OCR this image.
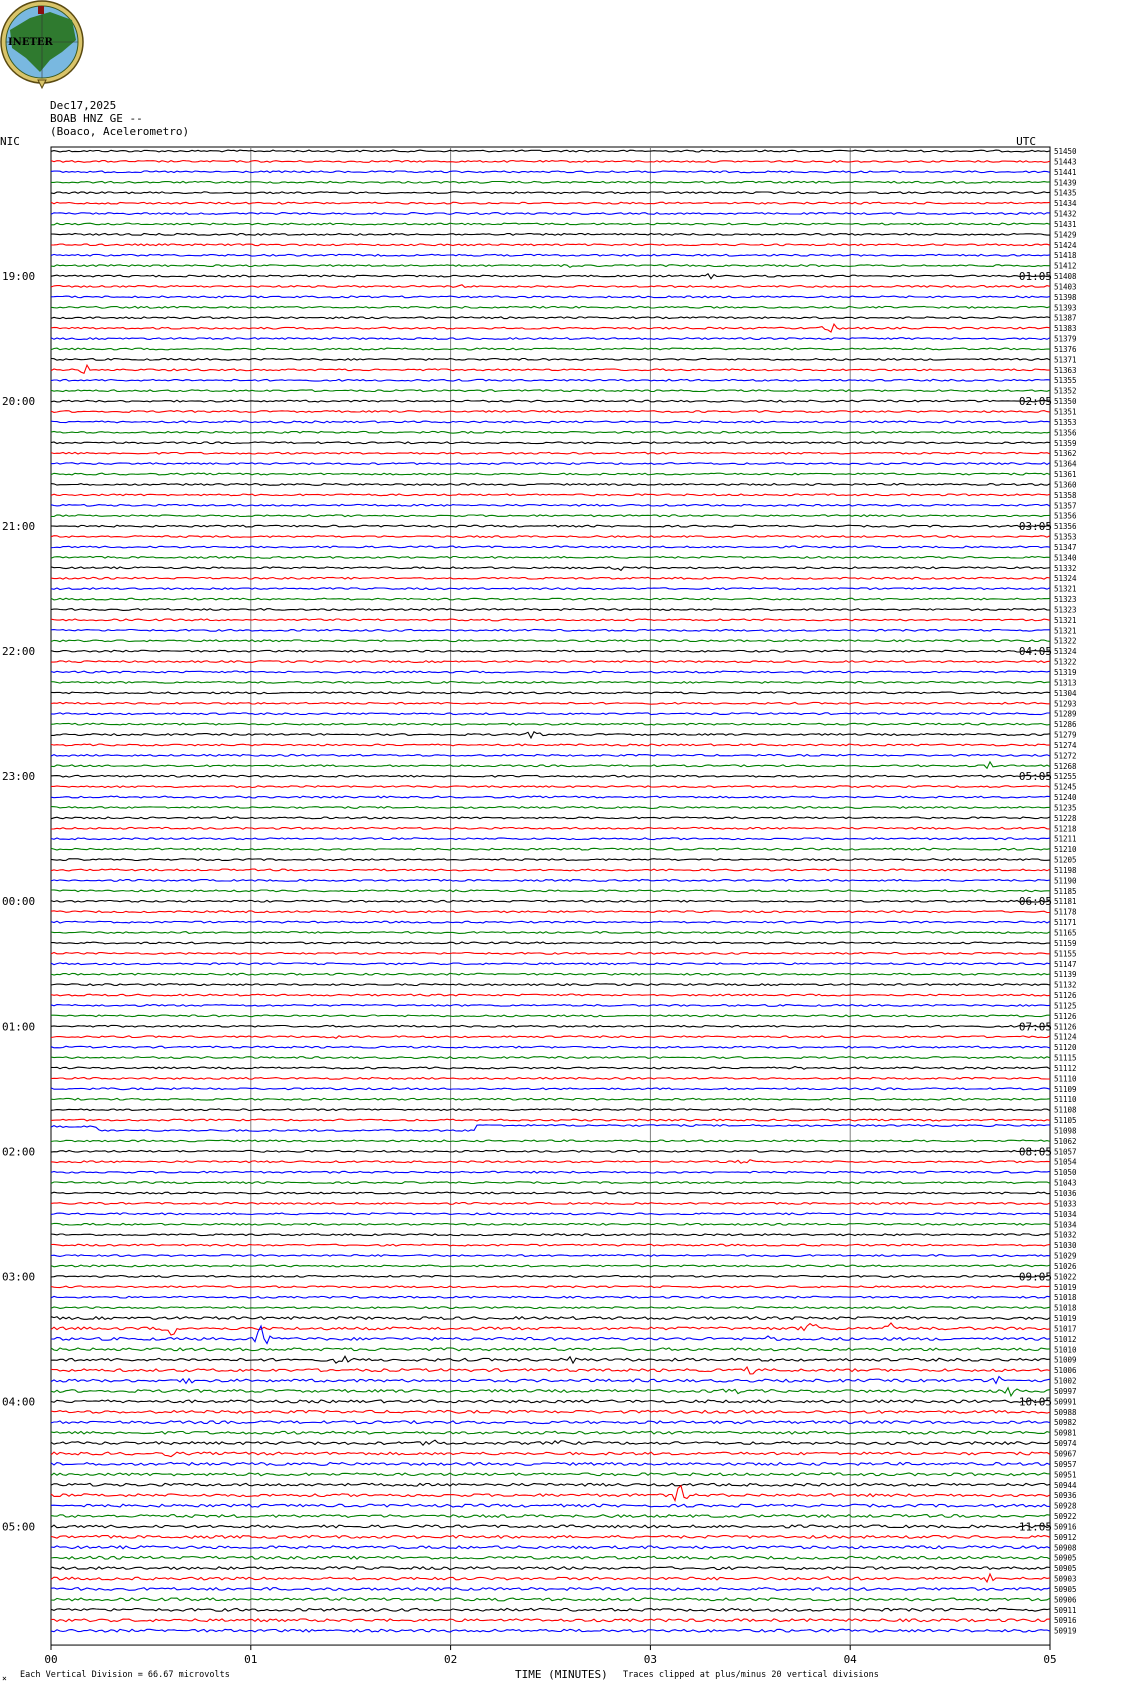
INETER
Dec17,2025
BOAB HNZ GE --
(Boaco, Acelerometro)
51450
51443
51441
51439
51435
51434
51432
51431
51429
51424
51418
51412
51408
51403
51398
51393
51387
51383
51379
51376
51371
51363
51355
51352
51350
51351
51353
51356
51359
51362
51364
51361
51360
51358
51357
51356
51356
51353
51347
51340
51332
51324
51321
51323
51323
51321
51321
51322
51324
51322
51319
51313
51304
51293
51289
51286
51279
51274
51272
51268
51255
51245
51240
51235
51228
51218
51211
51210
51205
51198
51190
51185
51181
51178
51171
51165
51159
51155
51147
51139
51132
51126
51125
51126
51126
51124
51120
51115
51112
51110
51109
51110
51108
51105
51098
51062
51057
51054
51050
51043
51036
51033
51034
51034
51032
51030
51029
51026
51022
51019
51018
51018
51019
51017
51012
51010
51009
51006
51002
50997
50991
50988
50982
50981
50974
50967
50957
50951
50944
50936
50928
50922
50916
50912
50908
50905
50905
50903
50905
50906
50911
50916
50919
NIC	UTC
19:00
20:00
21:00
22:00
23:00
00:00
01:00
02:00
03:00
04:00
05:00
01:05
02:05
03:05
04:05
05:05
06:05
07:05
08:05
09:05
10:05
11:05
00	01	02	03	04	05
Each Vertical Division = 66.67 microvolts	TIME (MINUTES) Traces clipped at plus/minus 20 vertical divisions
×
